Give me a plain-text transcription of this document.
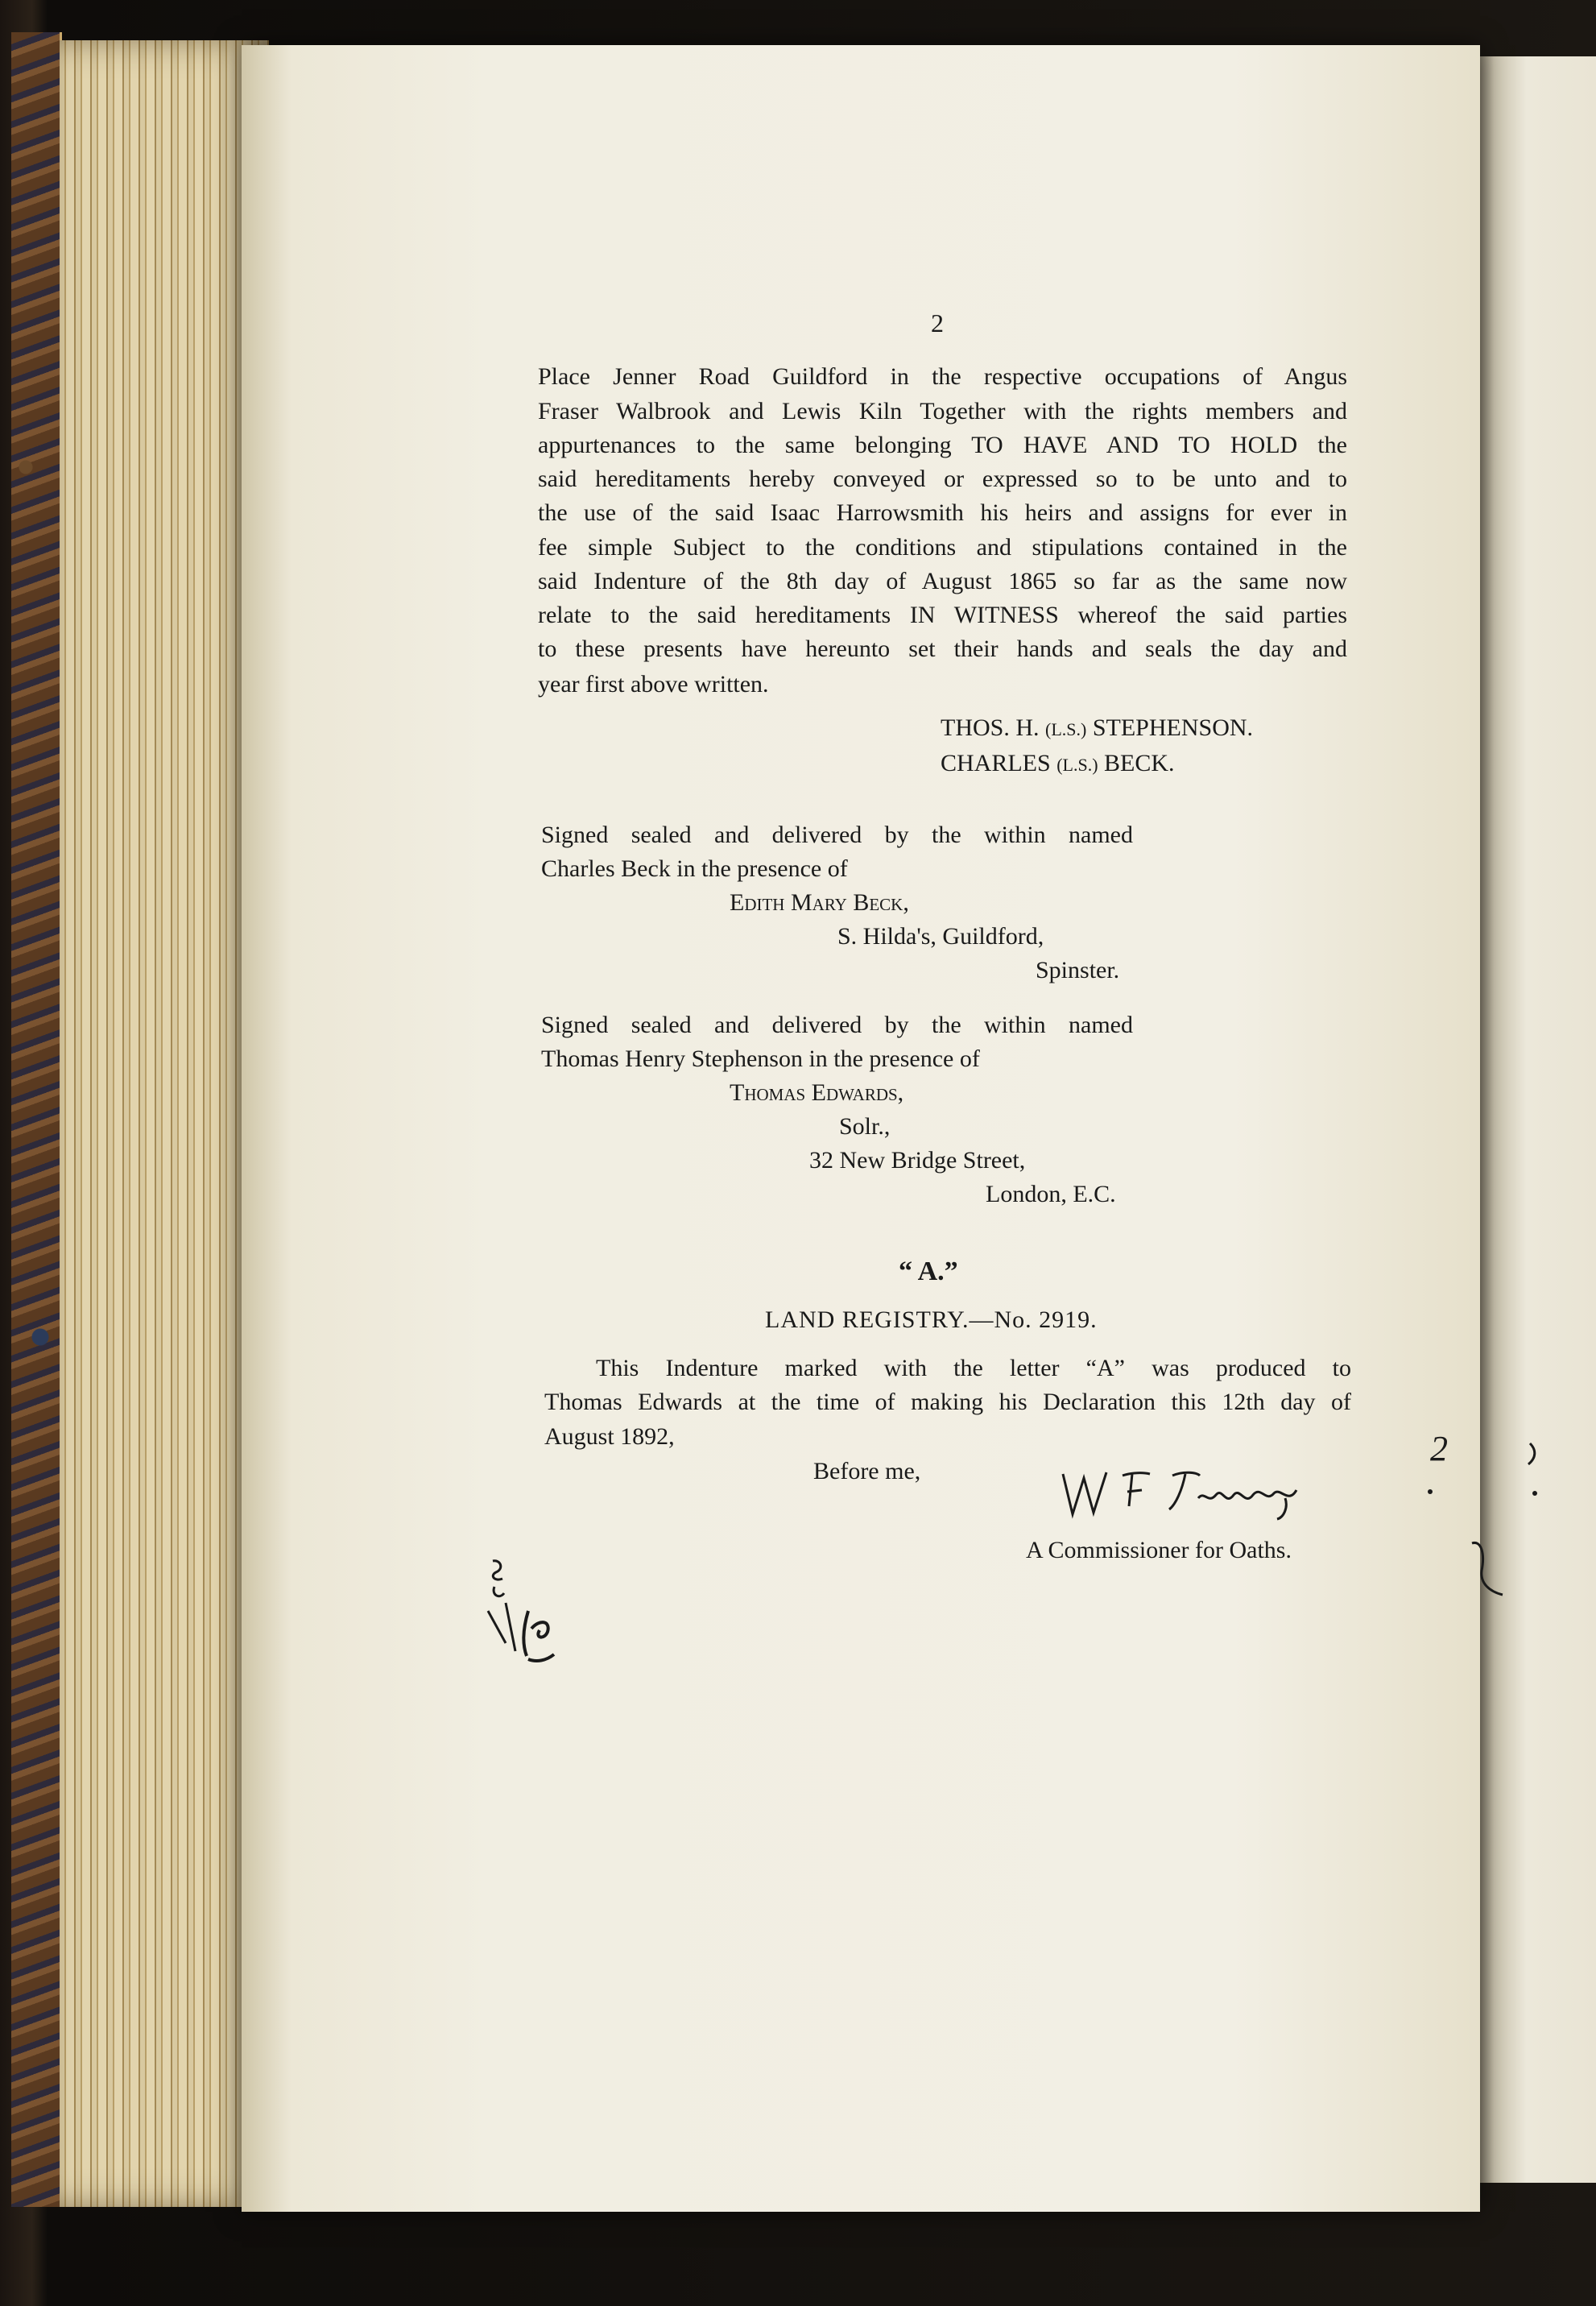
2
Place Jenner Road Guildford in the respective occupations of Angus
Fraser Walbrook and Lewis Kiln Together with the rights members and
appurtenances to the same belonging TO HAVE AND TO HOLD the
said hereditaments hereby conveyed or expressed so to be unto and to
the use of the said Isaac Harrowsmith his heirs and assigns for ever in
fee simple Subject to the conditions and stipulations contained in the
said Indenture of the 8th day of August 1865 so far as the same now
relate to the said hereditaments IN WITNESS whereof the said parties
to these presents have hereunto set their hands and seals the day and
year first above written.
THOS. H. (L.S.) STEPHENSON.
CHARLES (L.S.) BECK.
Signed sealed and delivered by the within named
Charles Beck in the presence of
Edith Mary Beck,
S. Hilda's, Guildford,
Spinster.
Signed sealed and delivered by the within named
Thomas Henry Stephenson in the presence of
Thomas Edwards,
Solr.,
32 New Bridge Street,
London, E.C.
“ A.”
LAND REGISTRY.—No. 2919.
This Indenture marked with the letter “A” was produced to
Thomas Edwards at the time of making his Declaration this 12th day of
August 1892,
Before me,
A Commissioner for Oaths.
2
